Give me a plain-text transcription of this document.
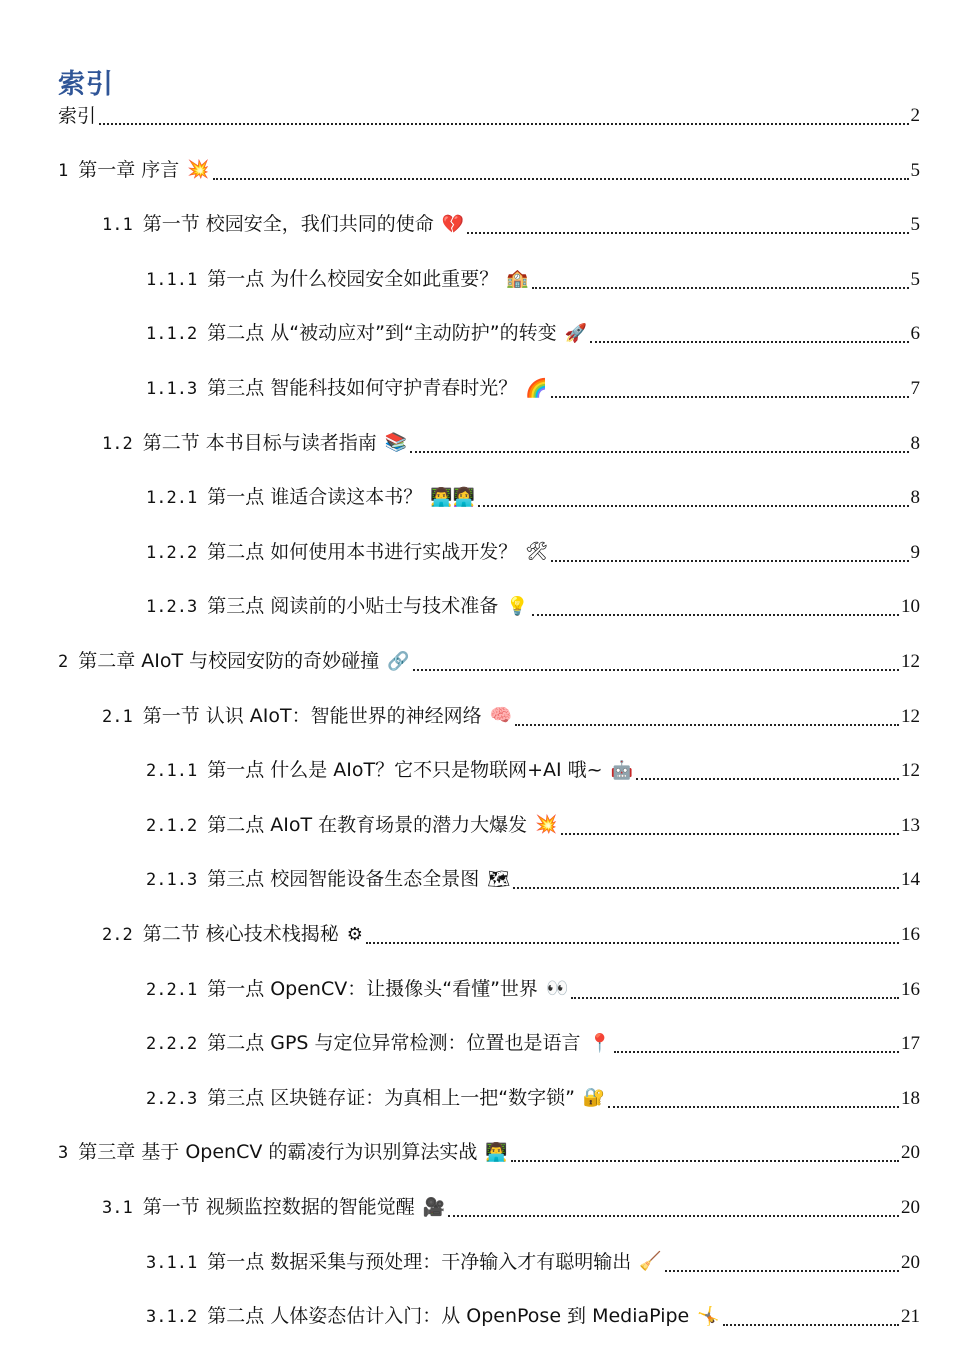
索引
索引	2
1 第一章 序言 💥	5
1.1 第一节 校园安全，我们共同的使命 💔	5
1.1.1 第一点 为什么校园安全如此重要？ 🏫	5
1.1.2 第二点 从“被动应对”到“主动防护”的转变 🚀	6
1.1.3 第三点 智能科技如何守护青春时光？ 🌈	7
1.2 第二节 本书目标与读者指南 📚	8
1.2.1 第一点 谁适合读这本书？ 👨‍💻👩‍💻	8
1.2.2 第二点 如何使用本书进行实战开发？ 🛠	9
1.2.3 第三点 阅读前的小贴士与技术准备 💡	10
2 第二章 AIoT 与校园安防的奇妙碰撞 🔗	12
2.1 第一节 认识 AIoT：智能世界的神经网络 🧠	12
2.1.1 第一点 什么是 AIoT？它不只是物联网+AI 哦~ 🤖	12
2.1.2 第二点 AIoT 在教育场景的潜力大爆发 💥	13
2.1.3 第三点 校园智能设备生态全景图 🗺	14
2.2 第二节 核心技术栈揭秘 ⚙	16
2.2.1 第一点 OpenCV：让摄像头“看懂”世界 👀	16
2.2.2 第二点 GPS 与定位异常检测：位置也是语言 📍	17
2.2.3 第三点 区块链存证：为真相上一把“数字锁” 🔐	18
3 第三章 基于 OpenCV 的霸凌行为识别算法实战 👨‍💻	20
3.1 第一节 视频监控数据的智能觉醒 🎥	20
3.1.1 第一点 数据采集与预处理：干净输入才有聪明输出 🧹	20
3.1.2 第二点 人体姿态估计入门：从 OpenPose 到 MediaPipe 🤸	21
